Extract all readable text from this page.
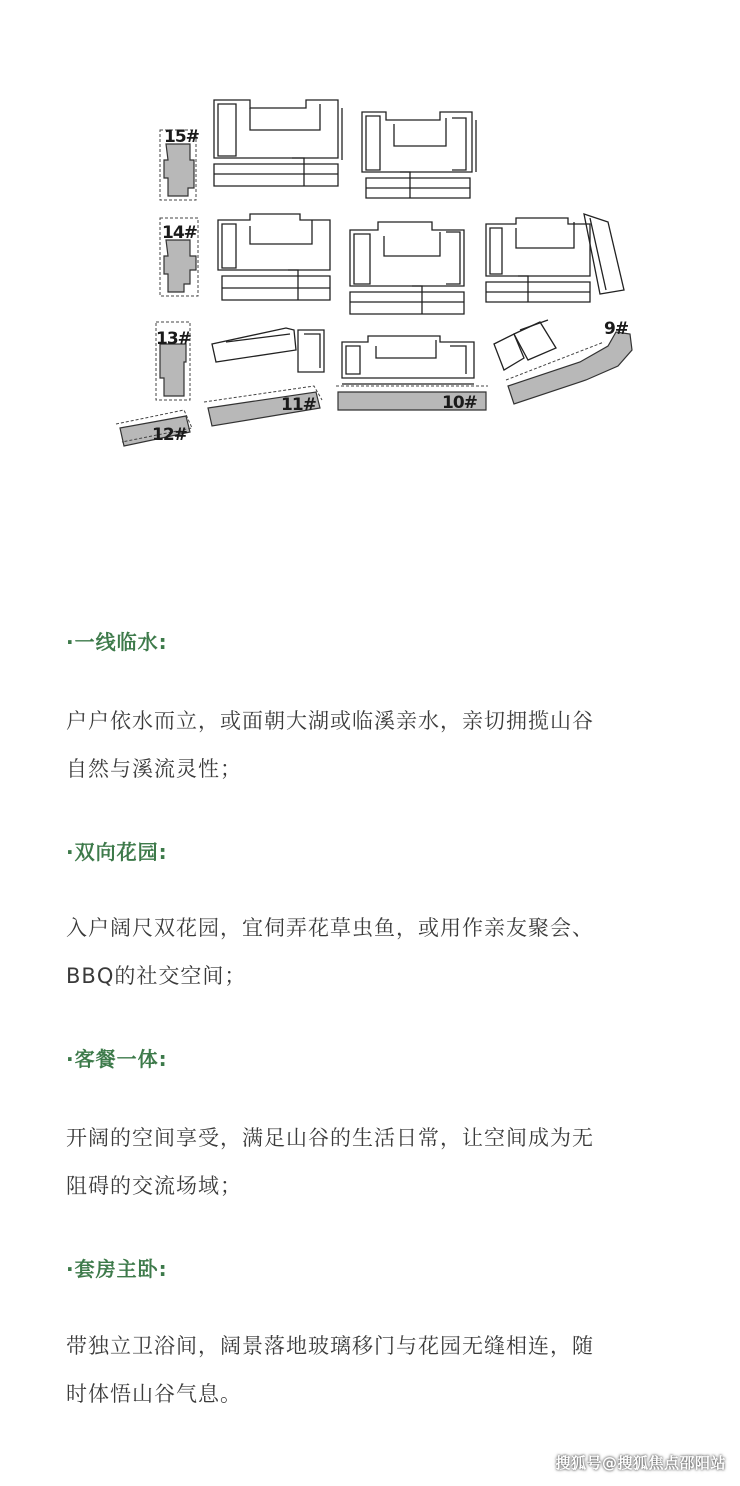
15#
14#
13#
12#
11#	10#
9#
·一线临水:
户户依水而立，或面朝大湖或临溪亲水，亲切拥揽山谷
自然与溪流灵性；
·双向花园:
入户阔尺双花园，宜伺弄花草虫鱼，或用作亲友聚会、
BBQ的社交空间；
·客餐一体:
开阔的空间享受，满足山谷的生活日常，让空间成为无
阻碍的交流场域；
·套房主卧:
带独立卫浴间，阔景落地玻璃移门与花园无缝相连，随
时体悟山谷气息。
搜狐号@搜狐焦点邵阳站
